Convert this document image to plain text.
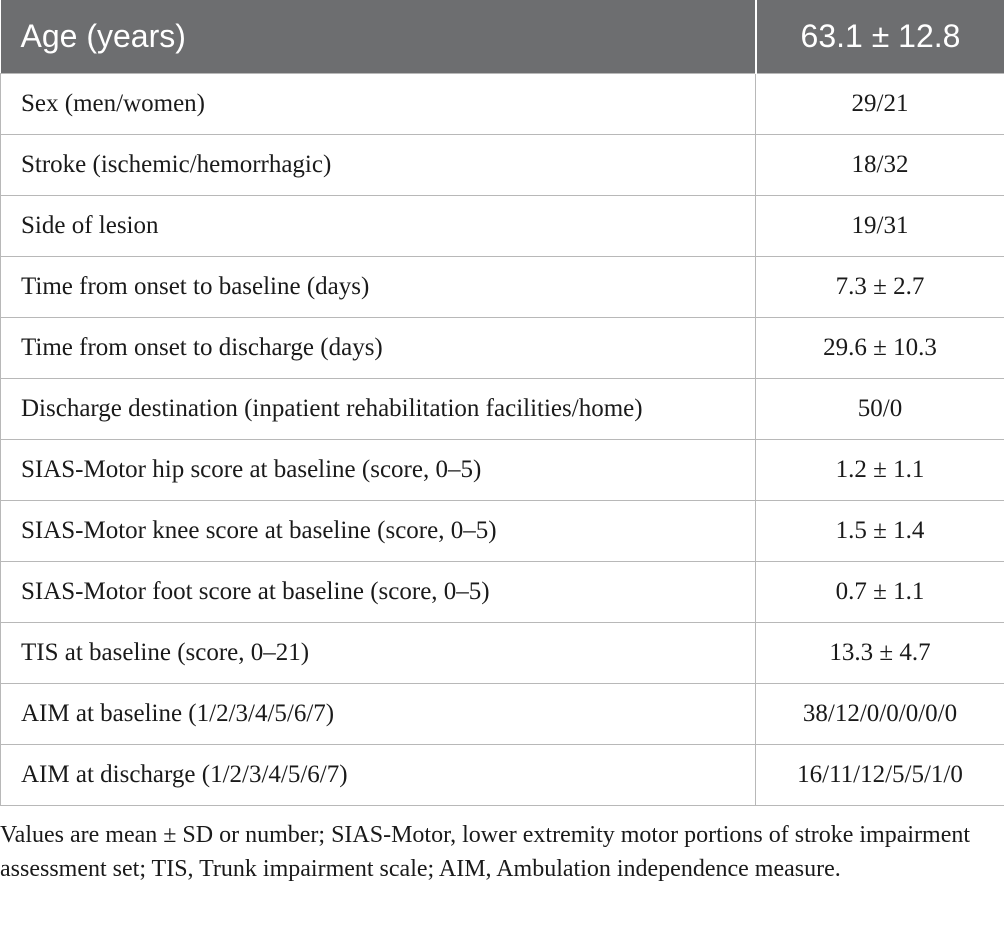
Age (years)	63.1 ± 12.8
Sex (men/women)	29/21
Stroke (ischemic/hemorrhagic)	18/32
Side of lesion	19/31
Time from onset to baseline (days)	7.3 ± 2.7
Time from onset to discharge (days)	29.6 ± 10.3
Discharge destination (inpatient rehabilitation facilities/home)	50/0
SIAS-Motor hip score at baseline (score, 0–5)	1.2 ± 1.1
SIAS-Motor knee score at baseline (score, 0–5)	1.5 ± 1.4
SIAS-Motor foot score at baseline (score, 0–5)	0.7 ± 1.1
TIS at baseline (score, 0–21)	13.3 ± 4.7
AIM at baseline (1/2/3/4/5/6/7)	38/12/0/0/0/0/0
AIM at discharge (1/2/3/4/5/6/7)	16/11/12/5/5/1/0

Values are mean ± SD or number; SIAS-Motor, lower extremity motor portions of stroke impairment assessment set; TIS, Trunk impairment scale; AIM, Ambulation independence measure.
